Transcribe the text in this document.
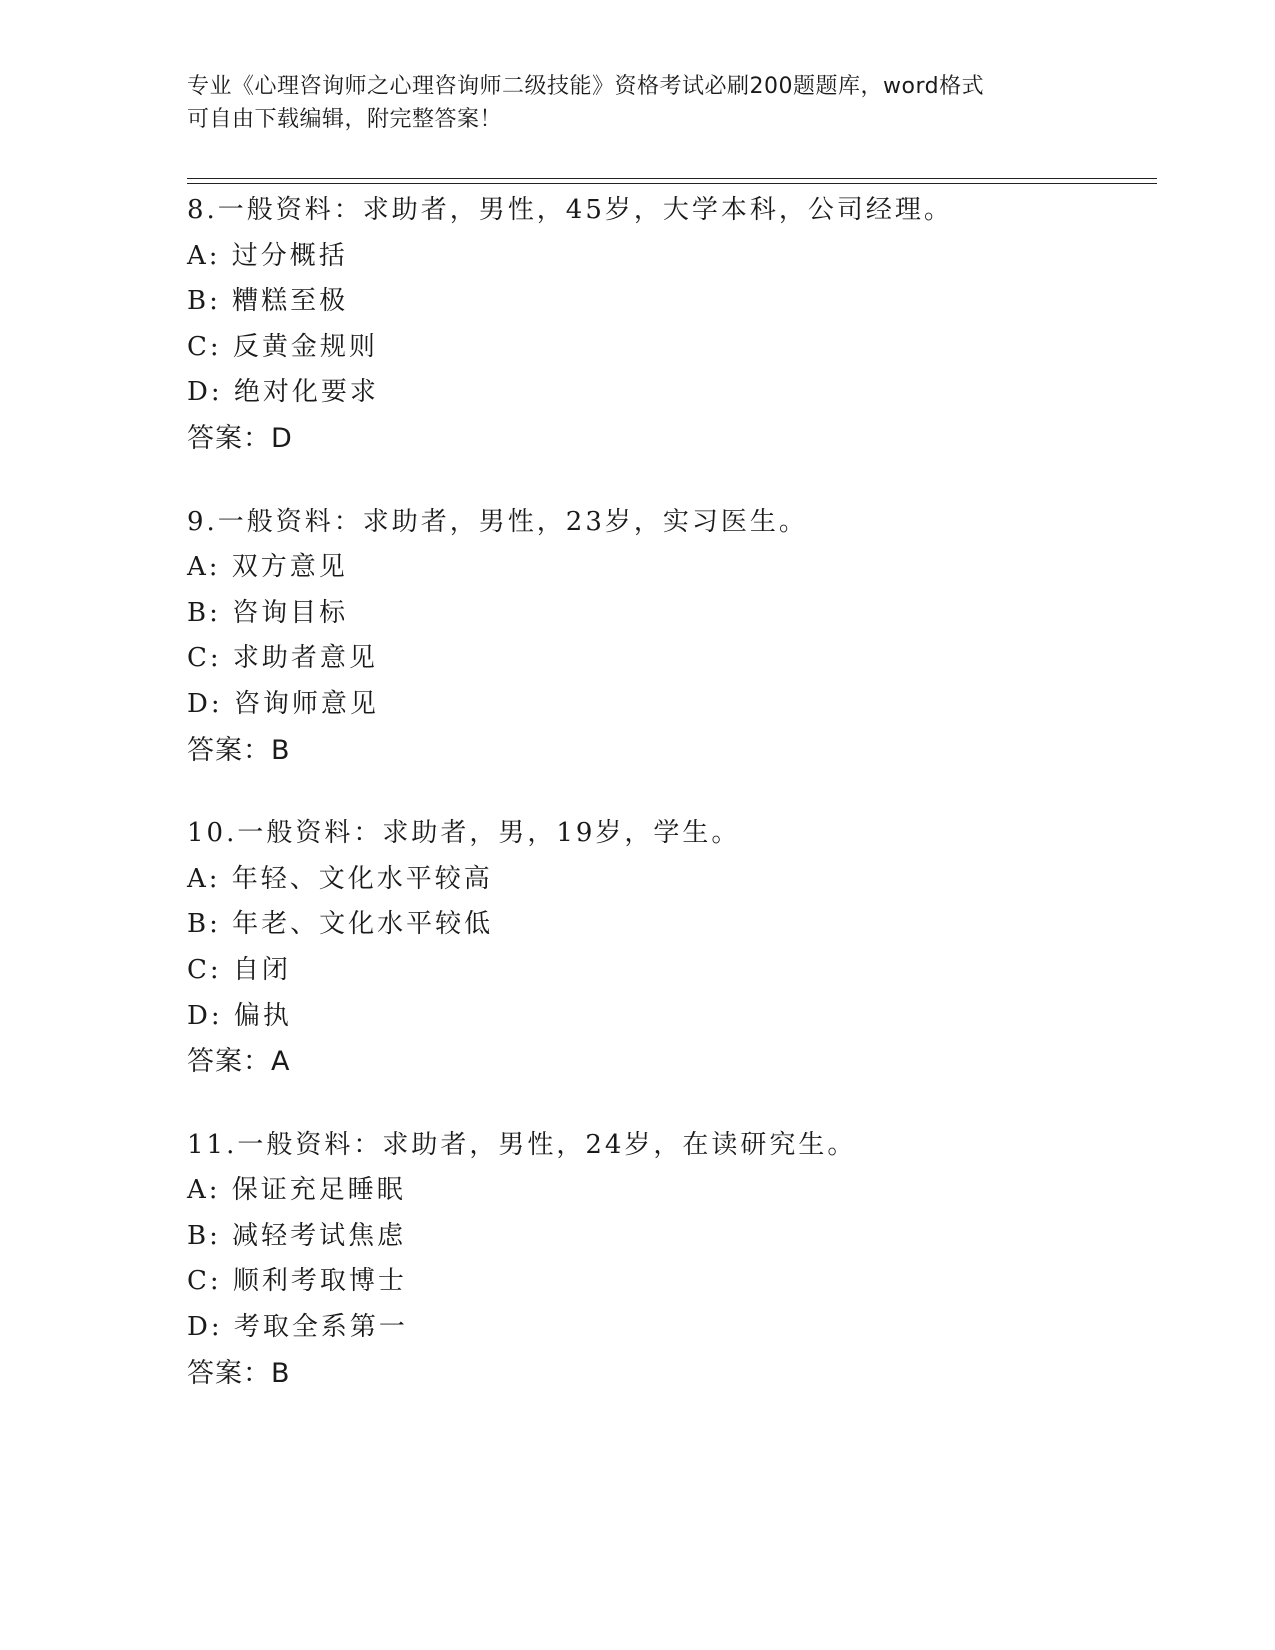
专业《心理咨询师之心理咨询师二级技能》资格考试必刷200题题库，word格式
可自由下载编辑，附完整答案！
8.一般资料：求助者，男性，45岁，大学本科，公司经理。
A: 过分概括
B: 糟糕至极
C: 反黄金规则
D: 绝对化要求
答案：D
9.一般资料：求助者，男性，23岁，实习医生。
A: 双方意见
B: 咨询目标
C: 求助者意见
D: 咨询师意见
答案：B
10.一般资料：求助者，男，19岁，学生。
A: 年轻、文化水平较高
B: 年老、文化水平较低
C: 自闭
D: 偏执
答案：A
11.一般资料：求助者，男性，24岁，在读研究生。
A: 保证充足睡眠
B: 减轻考试焦虑
C: 顺利考取博士
D: 考取全系第一
答案：B
